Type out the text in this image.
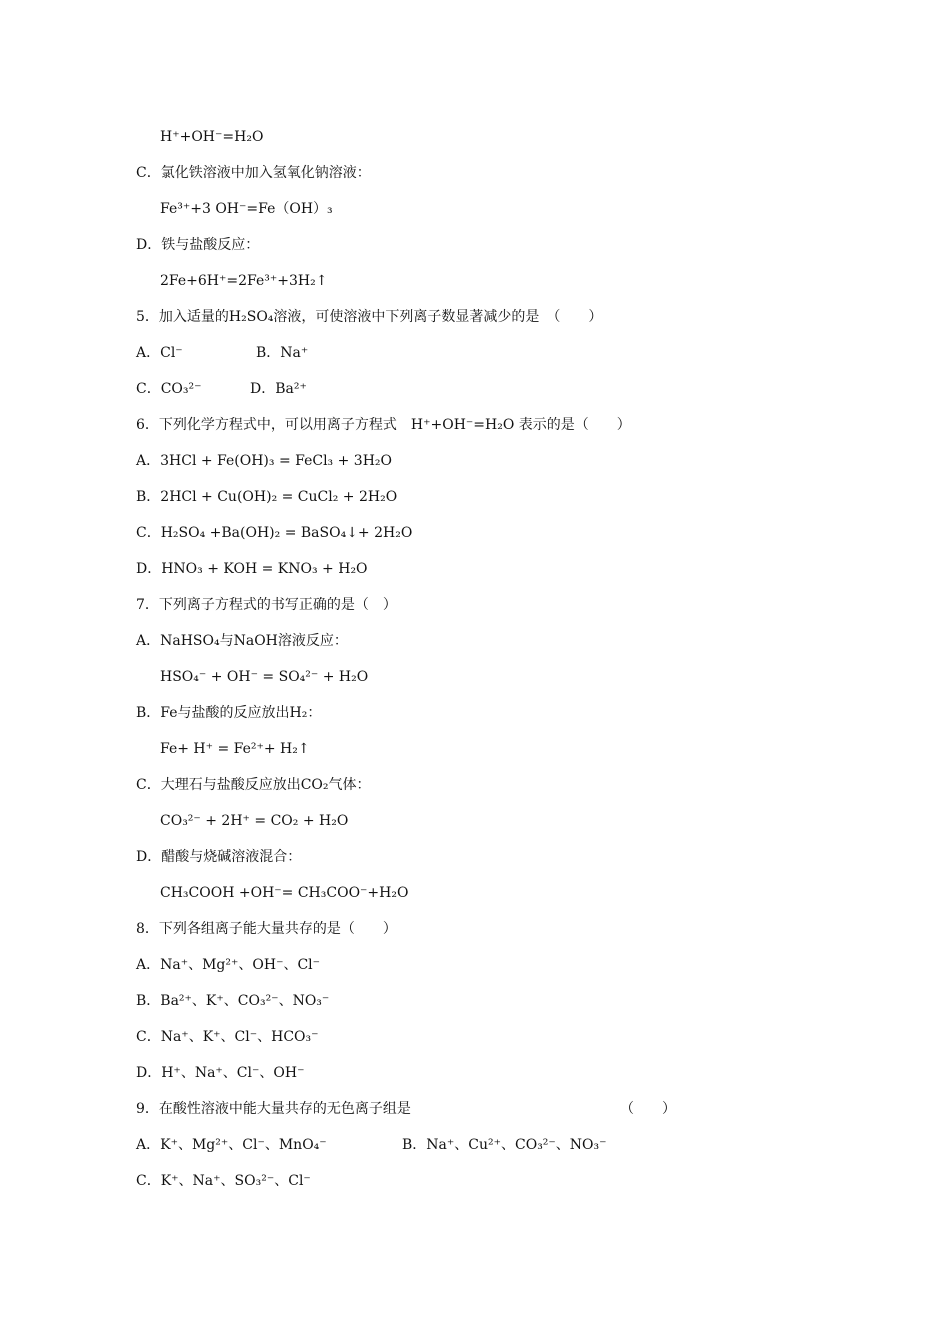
H⁺+OH⁻=H₂O
C．氯化铁溶液中加入氢氧化钠溶液：
Fe³⁺+3 OH⁻=Fe（OH）₃
D．铁与盐酸反应：
2Fe+6H⁺=2Fe³⁺+3H₂↑
5．加入适量的H₂SO₄溶液，可使溶液中下列离子数显著减少的是　（　　）
A．Cl⁻	B．Na⁺
C．CO₃²⁻	D．Ba²⁺
6．下列化学方程式中，可以用离子方程式　H⁺+OH⁻=H₂O 表示的是（　　）
A．3HCl + Fe(OH)₃ = FeCl₃ + 3H₂O
B．2HCl + Cu(OH)₂ = CuCl₂ + 2H₂O
C．H₂SO₄ +Ba(OH)₂ = BaSO₄↓+ 2H₂O
D．HNO₃ + KOH = KNO₃ + H₂O
7．下列离子方程式的书写正确的是（　）
A．NaHSO₄与NaOH溶液反应：
HSO₄⁻ + OH⁻ = SO₄²⁻ + H₂O
B．Fe与盐酸的反应放出H₂：
Fe+ H⁺ = Fe²⁺+ H₂↑
C．大理石与盐酸反应放出CO₂气体：
CO₃²⁻ + 2H⁺ = CO₂ + H₂O
D．醋酸与烧碱溶液混合：
CH₃COOH +OH⁻= CH₃COO⁻+H₂O
8．下列各组离子能大量共存的是（　　）
A．Na⁺、Mg²⁺、OH⁻、Cl⁻
B．Ba²⁺、K⁺、CO₃²⁻、NO₃⁻
C．Na⁺、K⁺、Cl⁻、HCO₃⁻
D．H⁺、Na⁺、Cl⁻、OH⁻
9．在酸性溶液中能大量共存的无色离子组是	（　　）
A．K⁺、Mg²⁺、Cl⁻、MnO₄⁻	B．Na⁺、Cu²⁺、CO₃²⁻、NO₃⁻
C．K⁺、Na⁺、SO₃²⁻、Cl⁻
